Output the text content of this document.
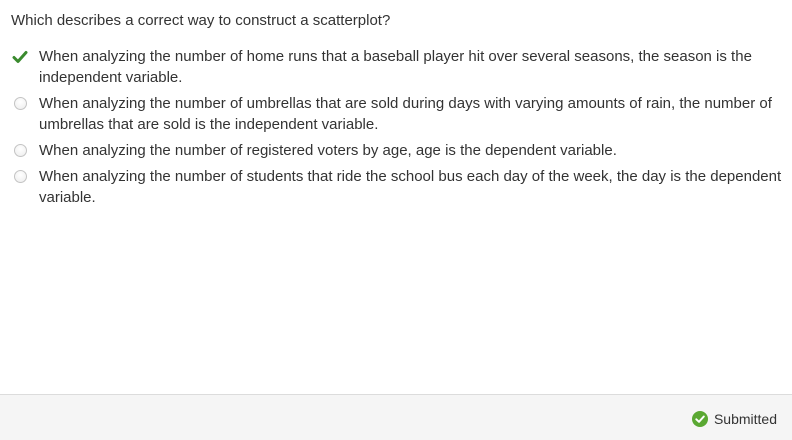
Which describes a correct way to construct a scatterplot?
When analyzing the number of home runs that a baseball player hit over several seasons, the season is the independent variable.
When analyzing the number of umbrellas that are sold during days with varying amounts of rain, the number of umbrellas that are sold is the independent variable.
When analyzing the number of registered voters by age, age is the dependent variable.
When analyzing the number of students that ride the school bus each day of the week, the day is the dependent variable.
Submitted
